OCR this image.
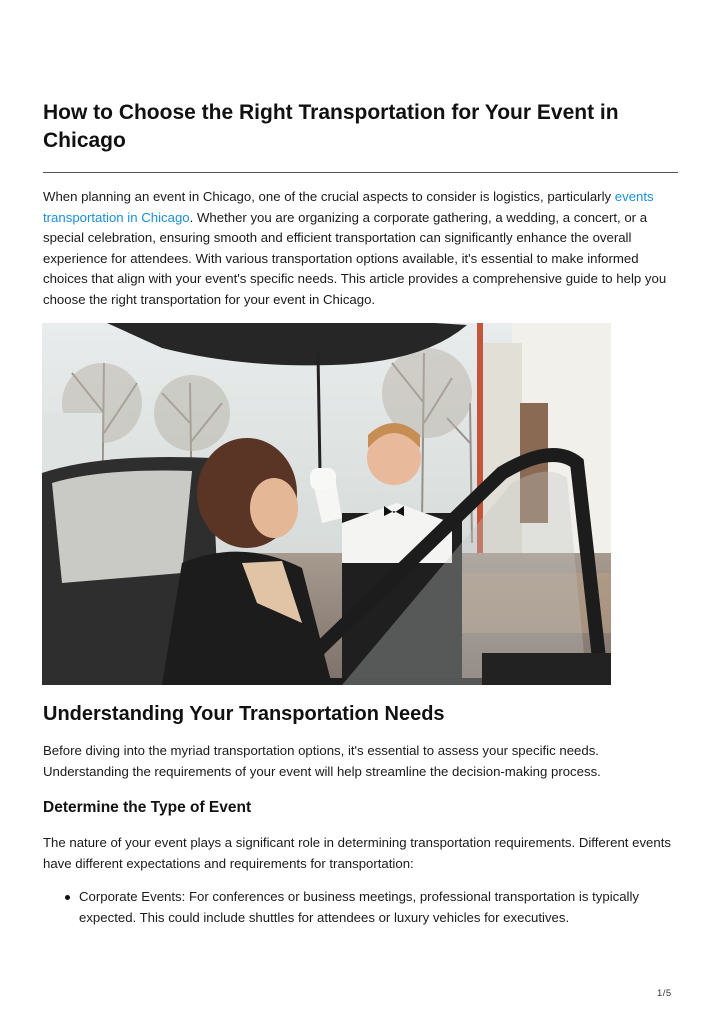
How to Choose the Right Transportation for Your Event in Chicago

When planning an event in Chicago, one of the crucial aspects to consider is logistics, particularly events transportation in Chicago. Whether you are organizing a corporate gathering, a wedding, a concert, or a special celebration, ensuring smooth and efficient transportation can significantly enhance the overall experience for attendees. With various transportation options available, it's essential to make informed choices that align with your event's specific needs. This article provides a comprehensive guide to help you choose the right transportation for your event in Chicago.

Understanding Your Transportation Needs

Before diving into the myriad transportation options, it's essential to assess your specific needs. Understanding the requirements of your event will help streamline the decision-making process.

Determine the Type of Event

The nature of your event plays a significant role in determining transportation requirements. Different events have different expectations and requirements for transportation:

Corporate Events: For conferences or business meetings, professional transportation is typically expected. This could include shuttles for attendees or luxury vehicles for executives.
1/5
